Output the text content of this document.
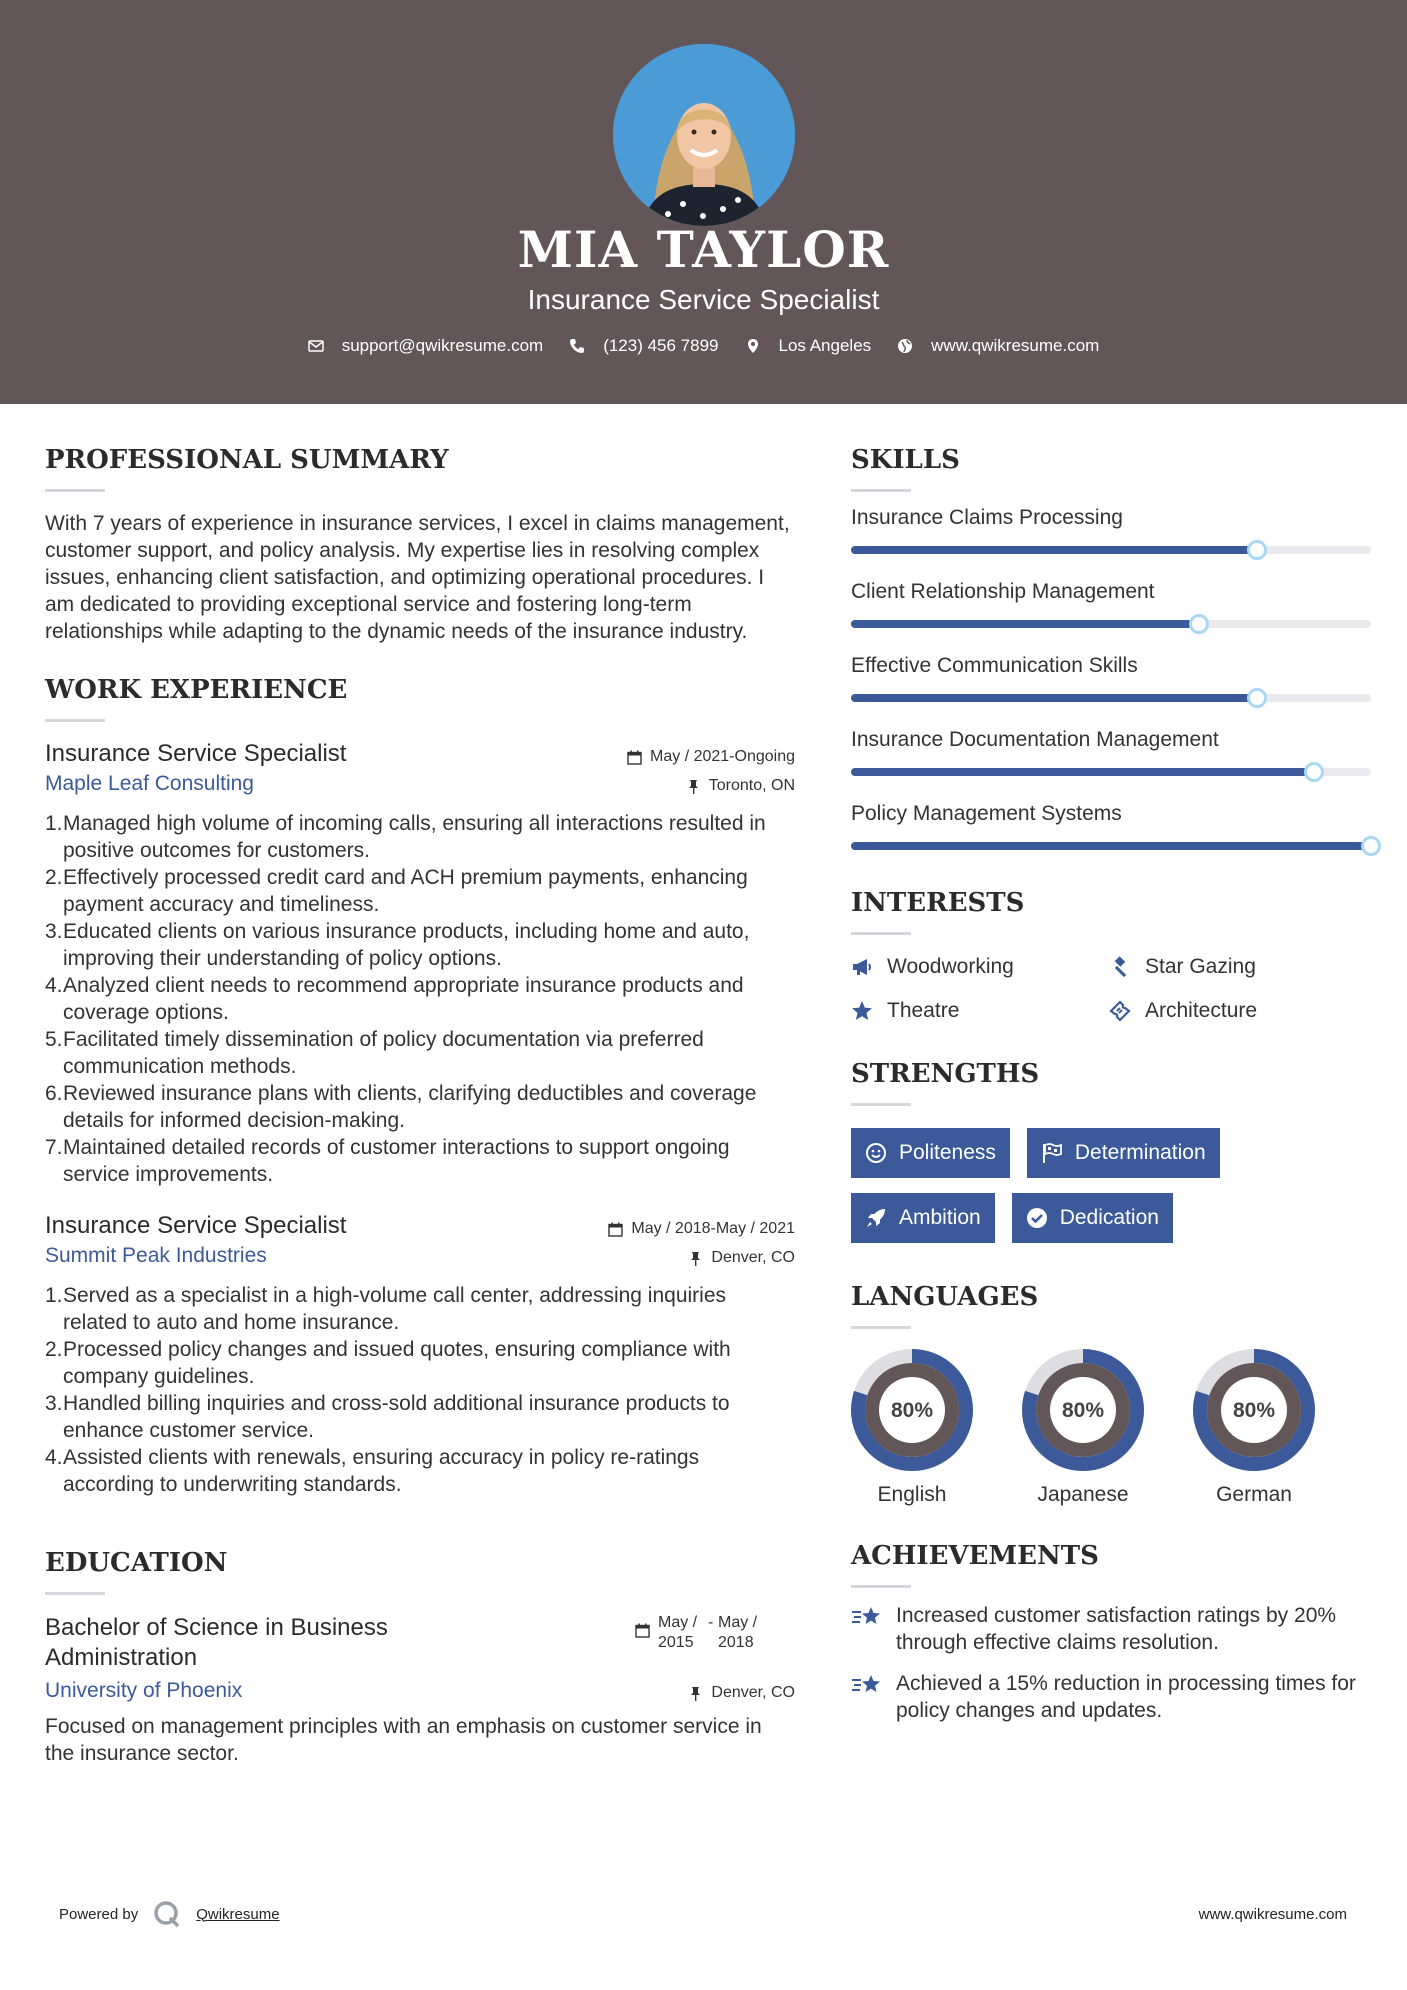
MIA TAYLOR
Insurance Service Specialist
support@qwikresume.com	(123) 456 7899	Los Angeles	www.qwikresume.com
PROFESSIONAL SUMMARY
With 7 years of experience in insurance services, I excel in claims management, customer support, and policy analysis. My expertise lies in resolving complex issues, enhancing client satisfaction, and optimizing operational procedures. I am dedicated to providing exceptional service and fostering long-term relationships while adapting to the dynamic needs of the insurance industry.
WORK EXPERIENCE
Insurance Service Specialist	May / 2021-Ongoing
Maple Leaf Consulting	Toronto, ON
1. Managed high volume of incoming calls, ensuring all interactions resulted in positive outcomes for customers.
2. Effectively processed credit card and ACH premium payments, enhancing payment accuracy and timeliness.
3. Educated clients on various insurance products, including home and auto, improving their understanding of policy options.
4. Analyzed client needs to recommend appropriate insurance products and coverage options.
5. Facilitated timely dissemination of policy documentation via preferred communication methods.
6. Reviewed insurance plans with clients, clarifying deductibles and coverage details for informed decision-making.
7. Maintained detailed records of customer interactions to support ongoing service improvements.
Insurance Service Specialist	May / 2018-May / 2021
Summit Peak Industries	Denver, CO
1. Served as a specialist in a high-volume call center, addressing inquiries related to auto and home insurance.
2. Processed policy changes and issued quotes, ensuring compliance with company guidelines.
3. Handled billing inquiries and cross-sold additional insurance products to enhance customer service.
4. Assisted clients with renewals, ensuring accuracy in policy re-ratings according to underwriting standards.
EDUCATION
Bachelor of Science in Business Administration
May / 2015
- May / 2018
University of Phoenix	Denver, CO
Focused on management principles with an emphasis on customer service in the insurance sector.
SKILLS
Insurance Claims Processing
Client Relationship Management
Effective Communication Skills
Insurance Documentation Management
Policy Management Systems
INTERESTS
Woodworking	Star Gazing
Theatre	Architecture
STRENGTHS
Politeness	Determination
Ambition	Dedication
LANGUAGES
80%
English
80%
Japanese
80%
German
ACHIEVEMENTS
Increased customer satisfaction ratings by 20% through effective claims resolution.
Achieved a 15% reduction in processing times for policy changes and updates.
Powered by	Qwikresume	www.qwikresume.com
